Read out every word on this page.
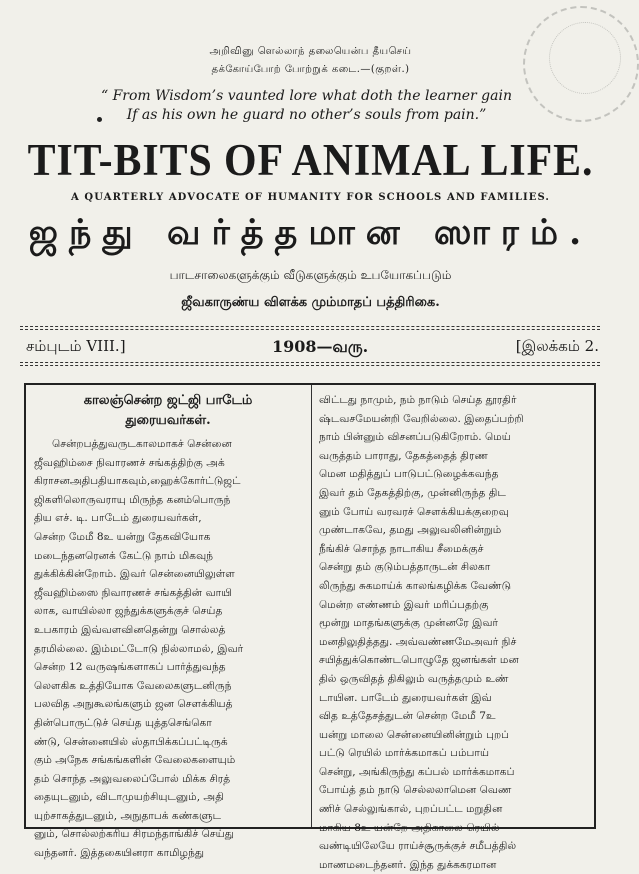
அறிவினு ளெல்லாந் தலையென்ப தீயசெய்
தக்கோய்போற் போற்றுக் கடை.—(குறள்.)
“ From Wisdom’s vaunted lore what doth the learner gain
If as his own he guard no other’s souls from pain.”
TIT-BITS OF ANIMAL LIFE.
A QUARTERLY ADVOCATE OF HUMANITY FOR SCHOOLS AND FAMILIES.
ஜந்து வர்த்தமான ஸாரம்.
பாடசாலைகளுக்கும் வீடுகளுக்கும் உபயோகப்படும்
ஜீவகாருண்ய விளக்க மும்மாதப் பத்திரிகை.
சம்புடம் VIII.]	1908—வரு.	[இலக்கம் 2.
காலஞ்சென்ற ஜட்ஜி பாடேம்
துரையவர்கள்.
சென்றபத்துவருடகாலமாகச் சென்னை
ஜீவஹிம்சை நிவாரணச் சங்கத்திற்கு அக்
கிராசனஅதிபதியாகவும்,ஹைக்கோர்ட்டுஜட்
ஜிகளிலொருவராயு மிருந்த கனம்பொருந்
திய எச். டி. பாடேம் துரையவர்கள்,
சென்ற மேமீ 8உ யன்று தேகவியோக
மடைந்தனரெனக் கேட்டு நாம் மிகவுந்
துக்கிக்கின்றோம். இவர் சென்னையிலுள்ள
ஜீவஹிம்ஸை நிவாரணச் சங்கத்தின் வாயி
லாக, வாயில்லா ஜந்துக்களுக்குச் செய்த
உபகாரம் இவ்வளவினதென்று சொல்லத்
தரமில்லை. இம்மட்டோடு நில்லாமல், இவர்
சென்ற 12 வருஷங்களாகப் பார்த்துவந்த
லௌகிக உத்தியோக வேலைகளுடனிருந்
பலவித அநுகூலங்களும் ஜன சௌக்கியத்
தின்பொருட்டுச் செய்த யுத்தசெங்கொ
ண்டு, சென்னையில் ஸ்தாபிக்கப்பட்டிருக்
கும் அநேக சங்கங்களின் வேலைகளையும்
தம் சொந்த அலுவலைப்போல் மிக்க சிரத்
தையுடனும், விடாமுயற்சியுடனும், அதி
யுற்சாகத்துடனும், அநுதாபக் கண்களுட
னும், சொல்லற்கரிய சிரமந்தாங்கிச் செய்து
வந்தனர். இத்தகையினரா காமிழந்து
விட்டது நாமும், நம் நாடும் செய்த தூரதிர்
ஷ்டவசமேயன்றி வேறில்லை. இதைப்பற்றி
நாம் பின்னும் விசனப்படுகிறோம். மெய்
வருத்தம் பாராது, தேகத்தைத் திரண
மென மதித்துப் பாடுபட்டுழைக்கவந்த
இவர் தம் தேகத்திற்கு, முன்னிருந்த திட
னும் போய் வரவரச் சௌக்கியக்குறைவு
முண்டாகவே, தமது அலுவலினின்றும்
நீங்கிச் சொந்த நாடாகிய சீமைக்குச்
சென்று தம் குடும்பத்தாருடன் சிலகா
லிருந்து சுகமாய்க் காலங்கழிக்க வேண்டு
மென்ற எண்ணம் இவர் மரிப்பதற்கு
மூன்று மாதங்களுக்கு முன்னரே இவர்
மனதிலுதித்தது. அவ்வண்ணமேஅவர் நிச்
சயித்துக்கொண்டபொழுதே ஜனங்கள் மன
தில் ஒருவிதத் திகிலும் வருத்தமும் உண்
டாயின. பாடேம் துரையவர்கள் இவ்
வித உத்தேசத்துடன் சென்ற மேமீ 7உ
யன்று மாலை சென்னையினின்றும் புறப்
பட்டு ரெயில் மார்க்கமாகப் பம்பாய்
சென்று, அங்கிருந்து கப்பல் மார்க்கமாகப்
போய்த் தம் நாடு செல்லலாமென வெண
ணிச் செல்லுங்கால், புறப்பட்ட மறுதின
மாகிய 8உ யன்றே அதிகாலை ரெயில்
வண்டியிலேயே ராய்ச்சூருக்குச் சமீபத்தில்
மாணமடைந்தனர். இந்த துக்ககரமான
